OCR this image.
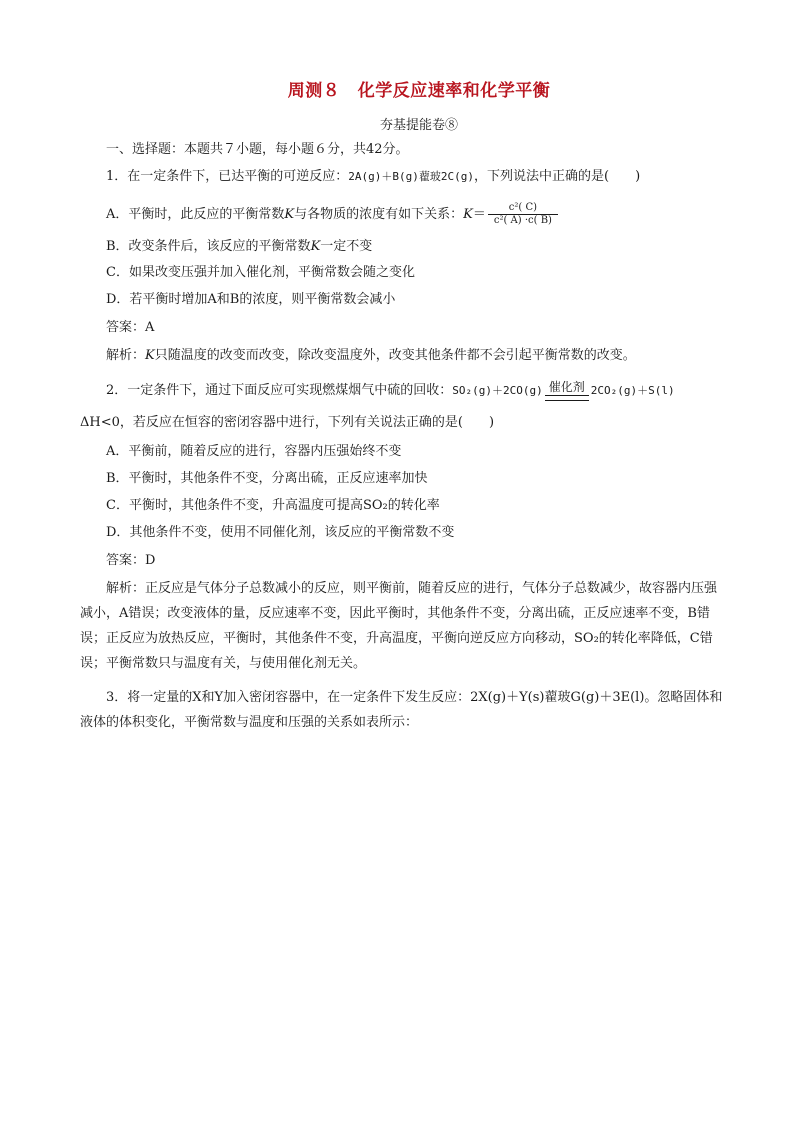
周测８　化学反应速率和化学平衡
夯基提能卷⑧
一、选择题：本题共７小题，每小题６分，共42分。
1．在一定条件下，已达平衡的可逆反应：2A(g)＋B(g)藋玻2C(g)，下列说法中正确的是(　　)
A．平衡时，此反应的平衡常数K与各物质的浓度有如下关系：$K= \frac{\text{c²( C)}}{\text{c²( A) ·c( B)}}$
B．改变条件后，该反应的平衡常数K一定不变
C．如果改变压强并加入催化剂，平衡常数会随之变化
D．若平衡时增加A和B的浓度，则平衡常数会减小
答案：A
解析：K只随温度的改变而改变，除改变温度外，改变其他条件都不会引起平衡常数的改变。
2．一定条件下，通过下面反应可实现燃煤烟气中硫的回收：SO₂(g)＋2CO(g) 催化剂 2CO₂(g)＋S(l)
ΔH<0，若反应在恒容的密闭容器中进行，下列有关说法正确的是(　　)
A．平衡前，随着反应的进行，容器内压强始终不变
B．平衡时，其他条件不变，分离出硫，正反应速率加快
C．平衡时，其他条件不变，升高温度可提高SO₂的转化率
D．其他条件不变，使用不同催化剂，该反应的平衡常数不变
答案：D
解析：正反应是气体分子总数减小的反应，则平衡前，随着反应的进行，气体分子总数减少，故容器内压强减小，A错误；改变液体的量，反应速率不变，因此平衡时，其他条件不变，分离出硫，正反应速率不变，B错误；正反应为放热反应，平衡时，其他条件不变，升高温度，平衡向逆反应方向移动，SO₂的转化率降低，C错误；平衡常数只与温度有关，与使用催化剂无关。
3．将一定量的X和Y加入密闭容器中，在一定条件下发生反应：2X(g)＋Y(s)藋玻G(g)＋3E(l)。忽略固体和液体的体积变化，平衡常数与温度和压强的关系如表所示：
